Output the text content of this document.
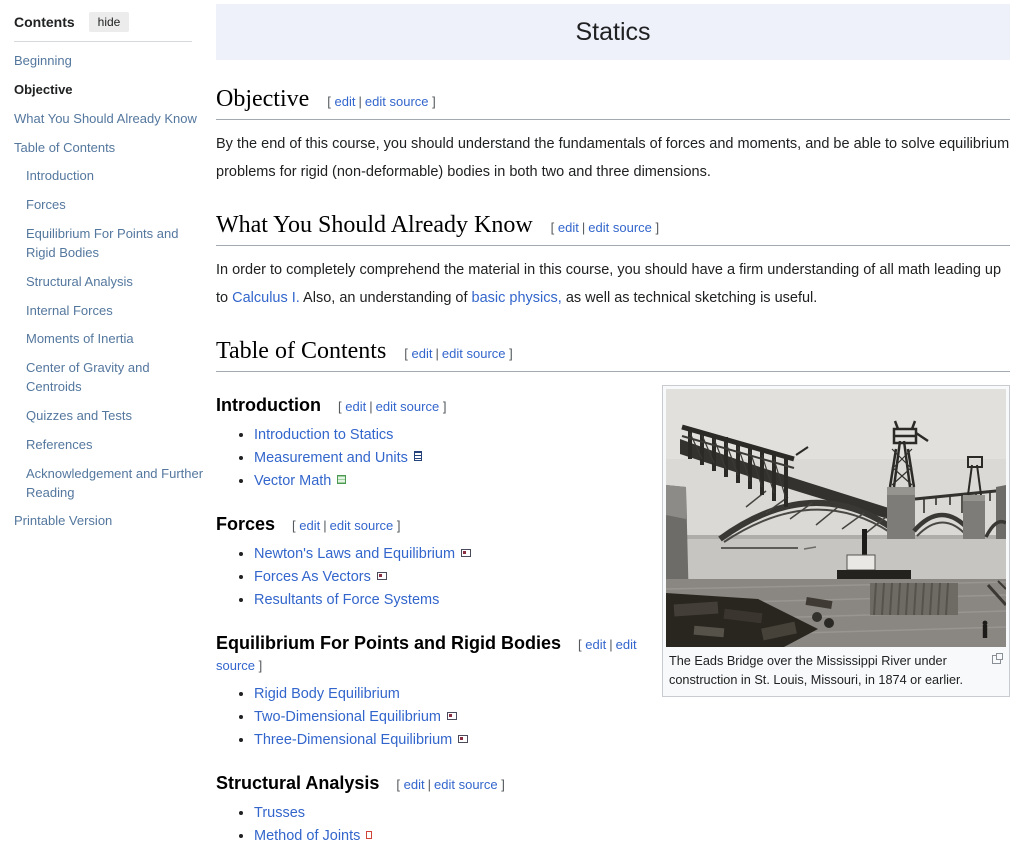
Contents	hide
Beginning
Objective
What You Should Already Know
Table of Contents
Introduction
Forces
Equilibrium For Points and Rigid Bodies
Structural Analysis
Internal Forces
Moments of Inertia
Center of Gravity and Centroids
Quizzes and Tests
References
Acknowledgement and Further Reading
Printable Version
Statics
Objective [ edit | edit source ]

By the end of this course, you should understand the fundamentals of forces and moments, and be able to solve equilibrium problems for rigid (non-deformable) bodies in both two and three dimensions.

What You Should Already Know [ edit | edit source ]

In order to completely comprehend the material in this course, you should have a firm understanding of all math leading up to Calculus I. Also, an understanding of basic physics, as well as technical sketching is useful.

Table of Contents [ edit | edit source ]
The Eads Bridge over the Mississippi River under construction in St. Louis, Missouri, in 1874 or earlier.
Introduction [ edit | edit source ]
• Introduction to Statics
• Measurement and Units
• Vector Math
Forces [ edit | edit source ]
• Newton's Laws and Equilibrium
• Forces As Vectors
• Resultants of Force Systems
Equilibrium For Points and Rigid Bodies [ edit | edit source ]
• Rigid Body Equilibrium
• Two-Dimensional Equilibrium
• Three-Dimensional Equilibrium
Structural Analysis [ edit | edit source ]
• Trusses
• Method of Joints
